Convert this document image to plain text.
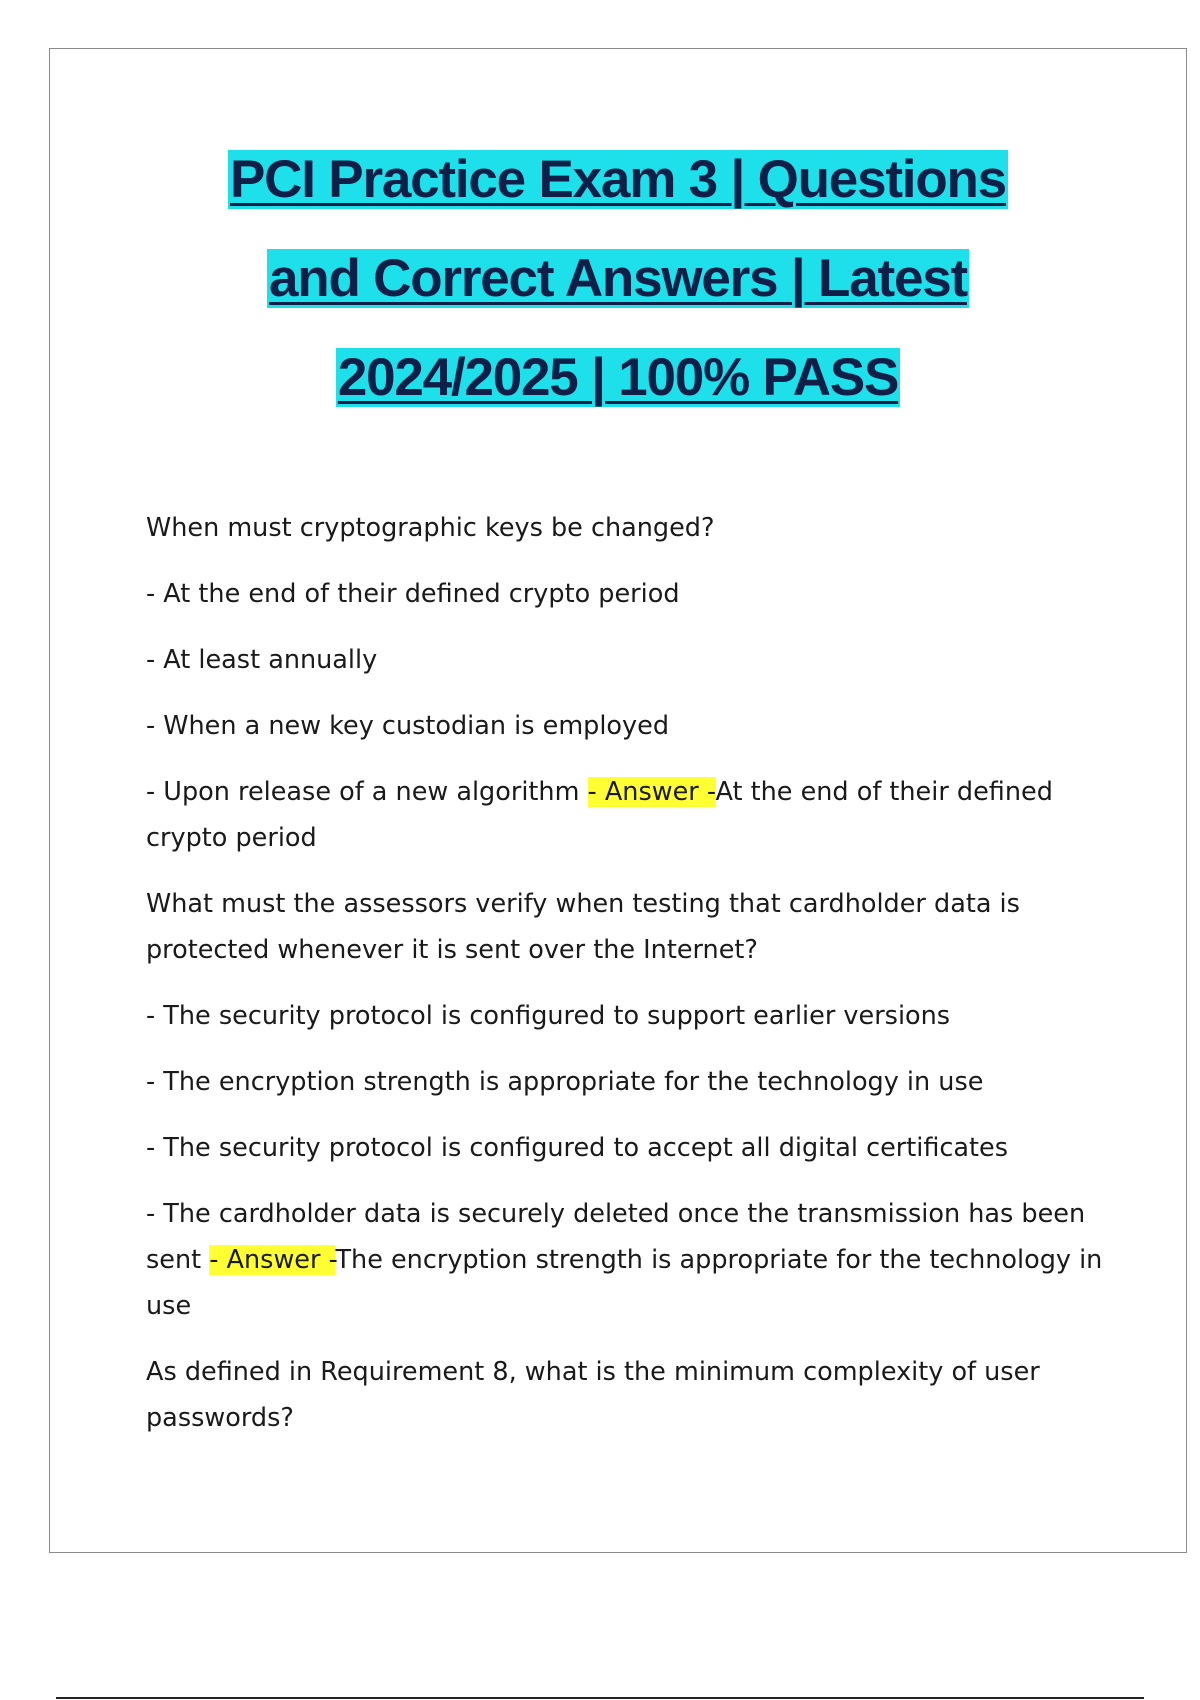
PCI Practice Exam 3 | Questions
and Correct Answers | Latest
2024/2025 | 100% PASS

When must cryptographic keys be changed?

- At the end of their defined crypto period

- At least annually

- When a new key custodian is employed

- Upon release of a new algorithm - Answer -At the end of their defined crypto period

What must the assessors verify when testing that cardholder data is protected whenever it is sent over the Internet?

- The security protocol is configured to support earlier versions

- The encryption strength is appropriate for the technology in use

- The security protocol is configured to accept all digital certificates

- The cardholder data is securely deleted once the transmission has been sent - Answer -The encryption strength is appropriate for the technology in use

As defined in Requirement 8, what is the minimum complexity of user passwords?
